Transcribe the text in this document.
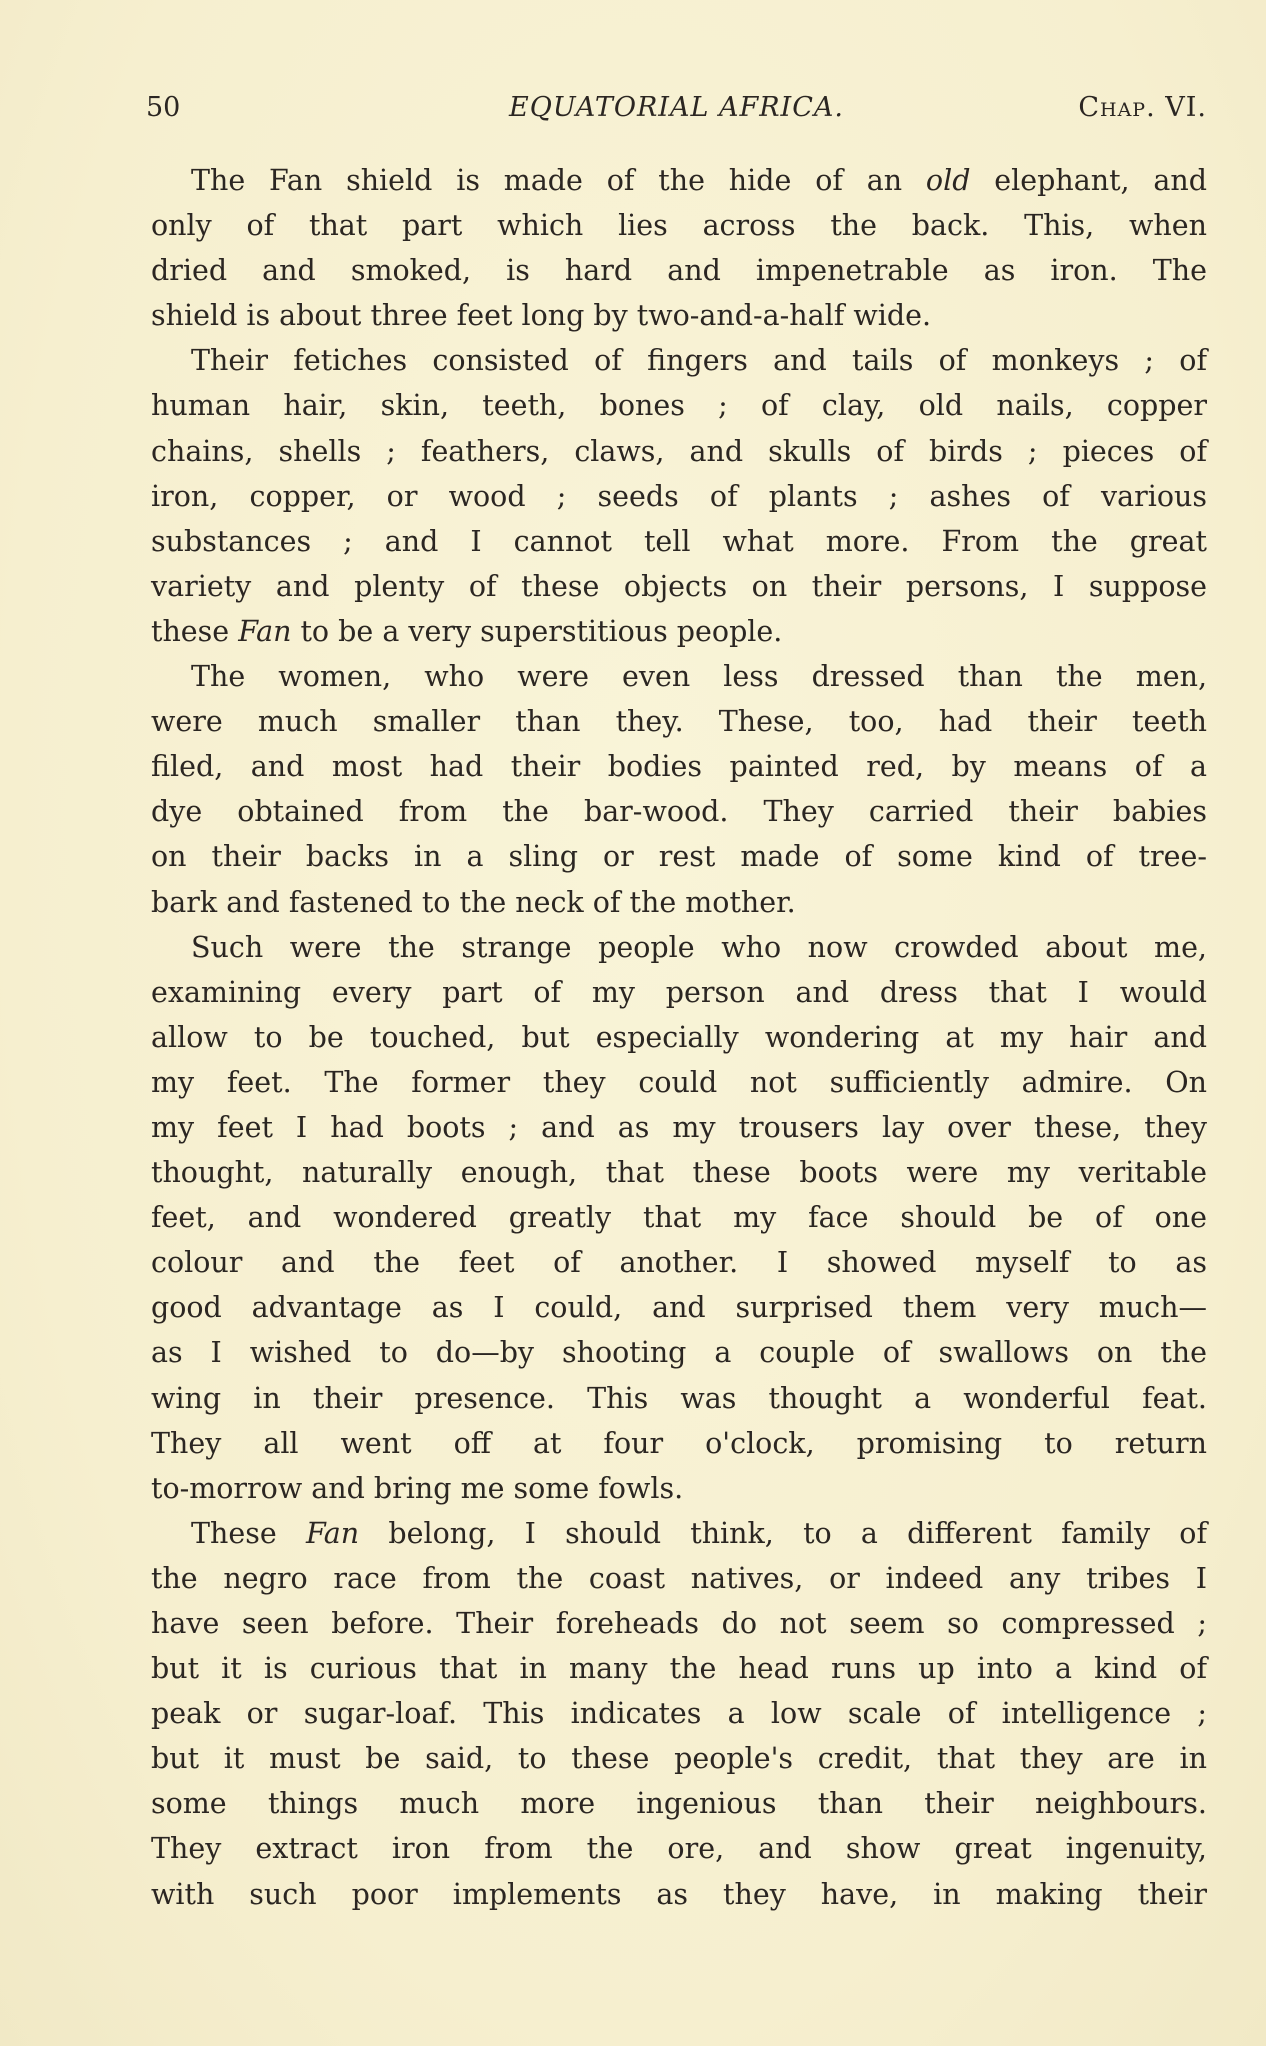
50	EQUATORIAL AFRICA.	Chap. VI.
The Fan shield is made of the hide of an old elephant, and
only of that part which lies across the back. This, when
dried and smoked, is hard and impenetrable as iron. The
shield is about three feet long by two-and-a-half wide.
Their fetiches consisted of fingers and tails of monkeys ; of
human hair, skin, teeth, bones ; of clay, old nails, copper
chains, shells ; feathers, claws, and skulls of birds ; pieces of
iron, copper, or wood ; seeds of plants ; ashes of various
substances ; and I cannot tell what more. From the great
variety and plenty of these objects on their persons, I suppose
these Fan to be a very superstitious people.
The women, who were even less dressed than the men,
were much smaller than they. These, too, had their teeth
filed, and most had their bodies painted red, by means of a
dye obtained from the bar-wood. They carried their babies
on their backs in a sling or rest made of some kind of tree-
bark and fastened to the neck of the mother.
Such were the strange people who now crowded about me,
examining every part of my person and dress that I would
allow to be touched, but especially wondering at my hair and
my feet. The former they could not sufficiently admire. On
my feet I had boots ; and as my trousers lay over these, they
thought, naturally enough, that these boots were my veritable
feet, and wondered greatly that my face should be of one
colour and the feet of another. I showed myself to as
good advantage as I could, and surprised them very much—
as I wished to do—by shooting a couple of swallows on the
wing in their presence. This was thought a wonderful feat.
They all went off at four o'clock, promising to return
to-morrow and bring me some fowls.
These Fan belong, I should think, to a different family of
the negro race from the coast natives, or indeed any tribes I
have seen before. Their foreheads do not seem so compressed ;
but it is curious that in many the head runs up into a kind of
peak or sugar-loaf. This indicates a low scale of intelligence ;
but it must be said, to these people's credit, that they are in
some things much more ingenious than their neighbours.
They extract iron from the ore, and show great ingenuity,
with such poor implements as they have, in making their
